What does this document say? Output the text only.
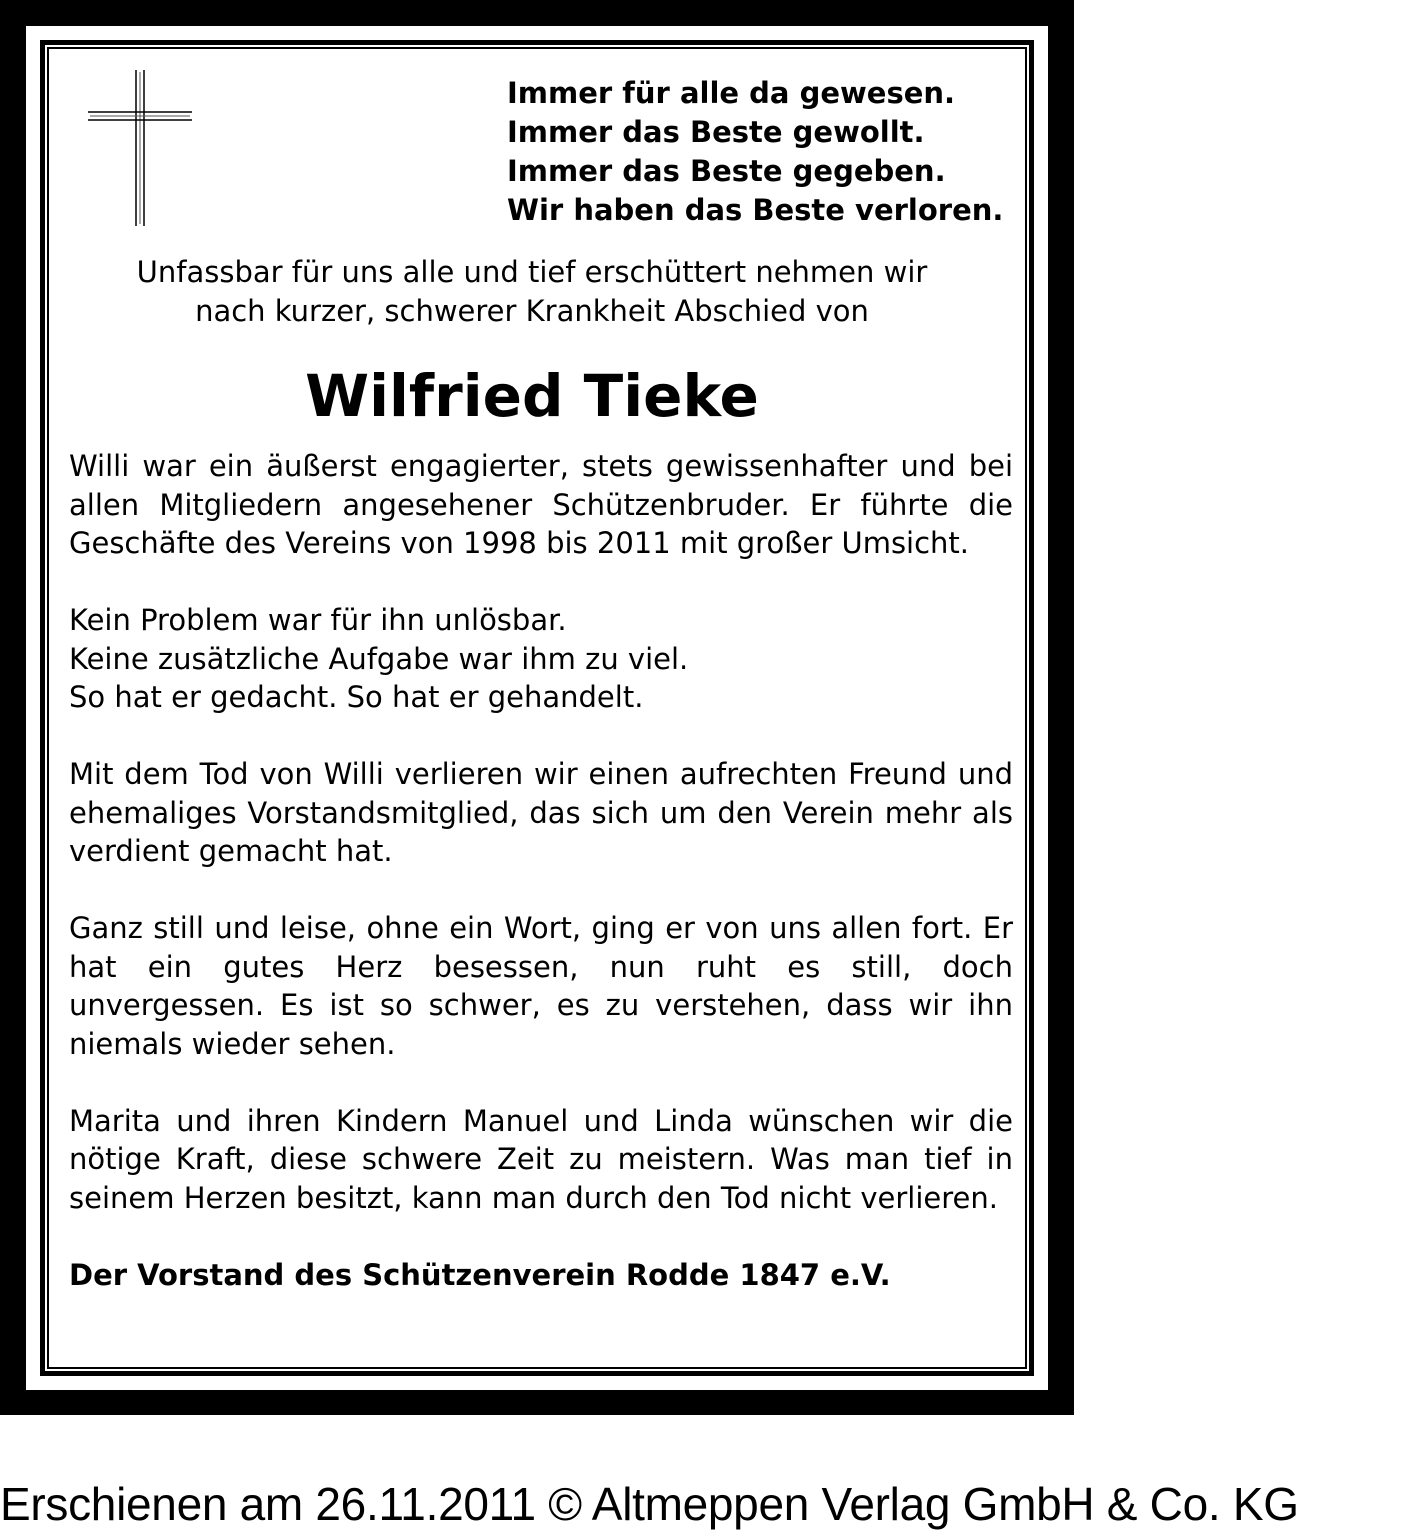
Immer für alle da gewesen.
Immer das Beste gewollt.
Immer das Beste gegeben.
Wir haben das Beste verloren.
Unfassbar für uns alle und tief erschüttert nehmen wir
nach kurzer, schwerer Krankheit Abschied von
Wilfried Tieke

Willi war ein äußerst engagierter, stets gewissenhafter und bei allen Mitgliedern angesehener Schützenbruder. Er führte die Geschäfte des Vereins von 1998 bis 2011 mit großer Umsicht.

Kein Problem war für ihn unlösbar.
Keine zusätzliche Aufgabe war ihm zu viel.
So hat er gedacht. So hat er gehandelt.

Mit dem Tod von Willi verlieren wir einen aufrechten Freund und ehemaliges Vorstandsmitglied, das sich um den Verein mehr als verdient gemacht hat.

Ganz still und leise, ohne ein Wort, ging er von uns allen fort. Er hat ein gutes Herz besessen, nun ruht es still, doch unvergessen. Es ist so schwer, es zu verstehen, dass wir ihn niemals wieder sehen.

Marita und ihren Kindern Manuel und Linda wünschen wir die nötige Kraft, diese schwere Zeit zu meistern. Was man tief in seinem Herzen besitzt, kann man durch den Tod nicht verlieren.

Der Vorstand des Schützenverein Rodde 1847 e.V.

Erschienen am 26.11.2011 © Altmeppen Verlag GmbH & Co. KG
